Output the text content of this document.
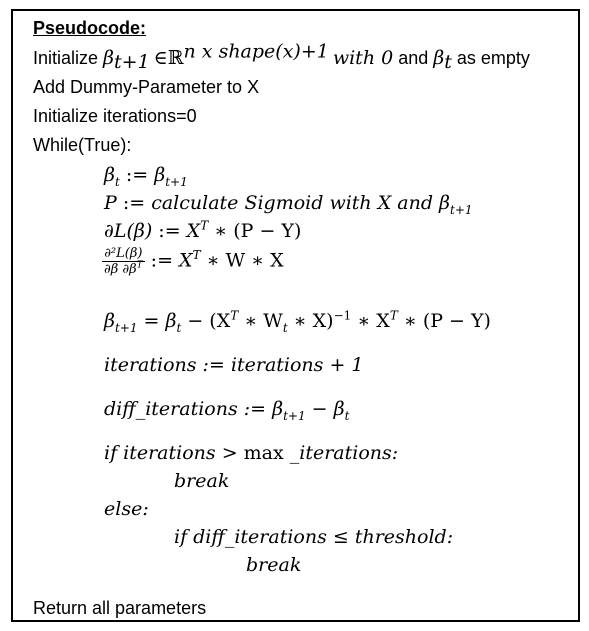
Pseudocode:
Initialize $\beta_{t+1}$ ∈ℝ$^{n x shape(x)+1}$ with 0 and $\beta_t$ as empty
Add Dummy-Parameter to X
Initialize iterations=0
While(True):
$\beta_t$ := $\beta_{t+1}$
P := calculate Sigmoid with X and $\beta_{t+1}$
∂L(β) := $X^T$ ∗ (P − Y)
$\frac{\text{∂²L(β)}}{\partial\beta \partial\beta^T}$ := $X^T$ ∗ W ∗ X
$\beta_{t+1} = \beta_t - (X^T$ ∗ $W_t$ ∗ X)$^{-1}$ ∗ $X^T$ ∗ (P − Y)
iterations := iterations + 1
diff_iterations := $\beta_{t+1} - \beta_t$
if iterations > max _iterations:
break
else:
if diff_iterations ≤ threshold:
break
Return all parameters
